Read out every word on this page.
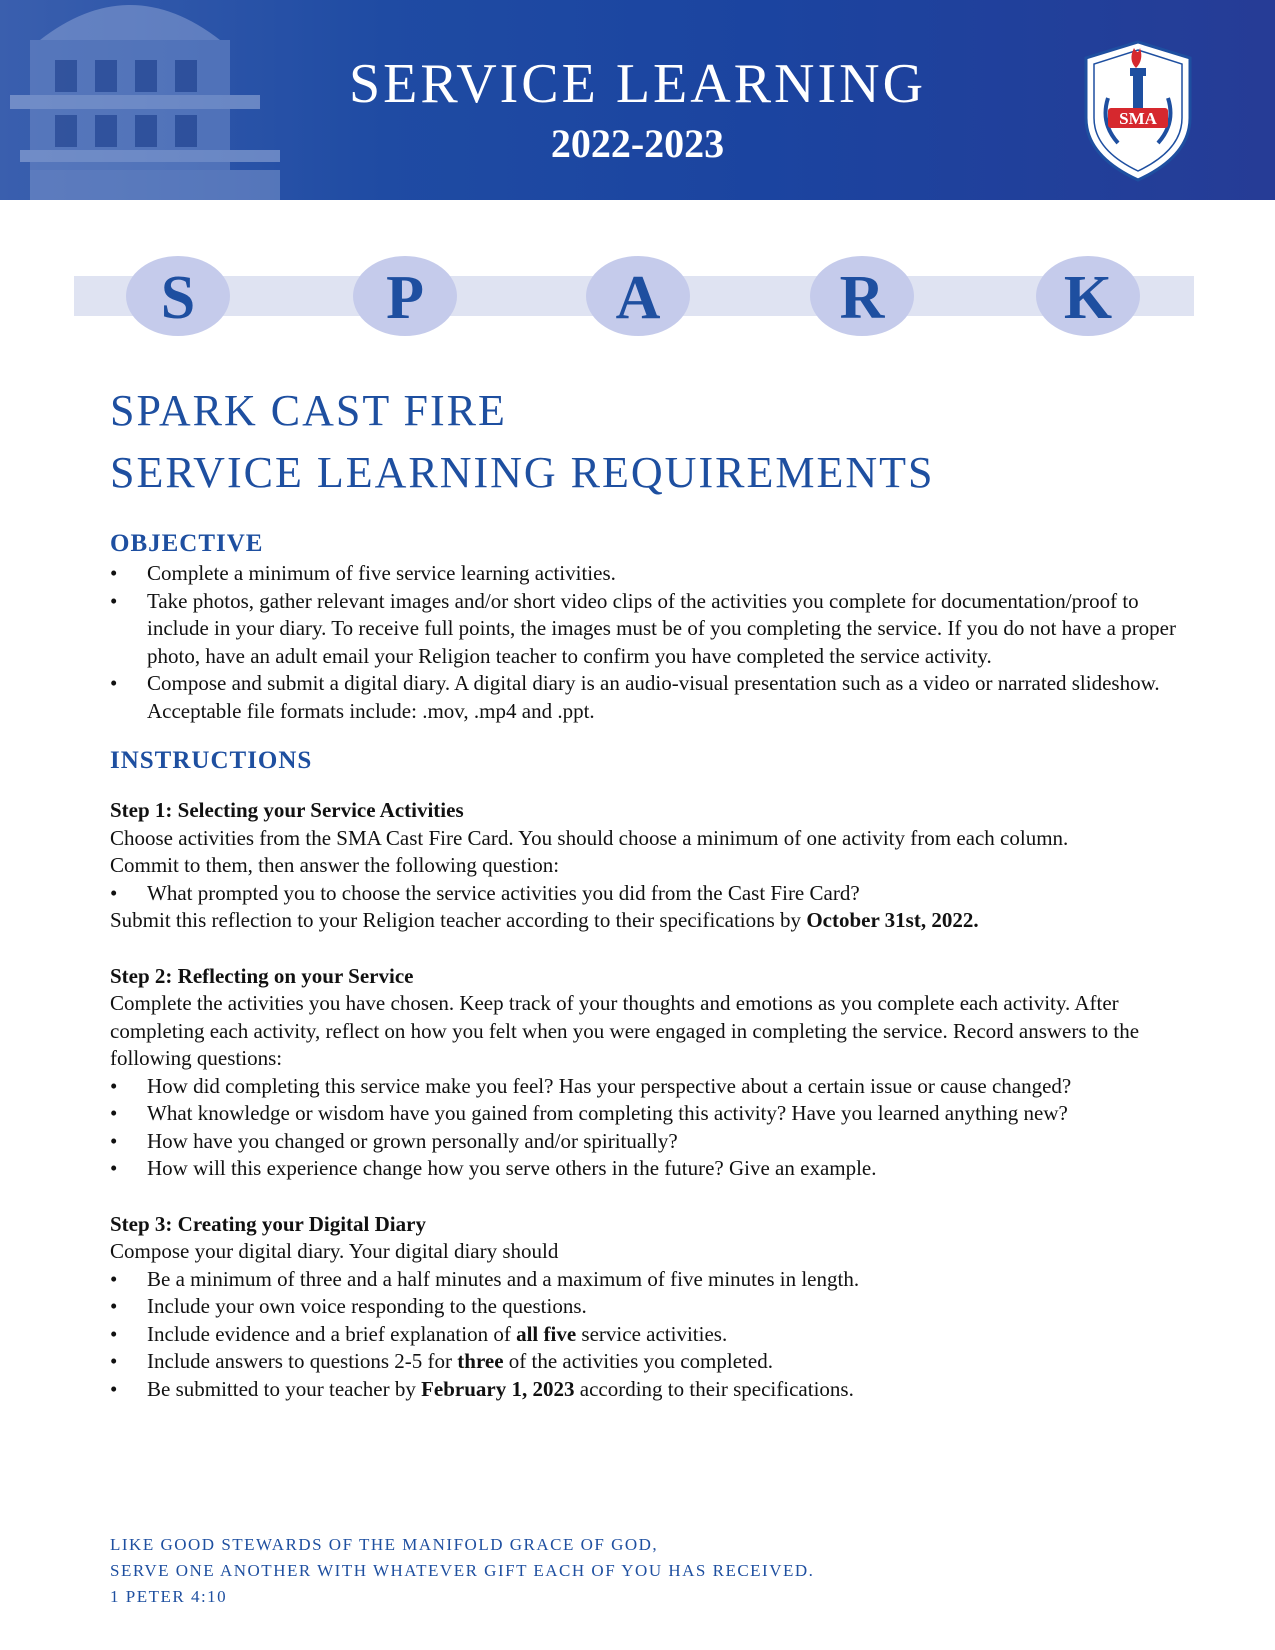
SERVICE LEARNING
2022-2023
SMA
S	P	A	R	K
SPARK CAST FIRE
SERVICE LEARNING REQUIREMENTS
OBJECTIVE
• Complete a minimum of five service learning activities.
• Take photos, gather relevant images and/or short video clips of the activities you complete for documentation/proof to include in your diary. To receive full points, the images must be of you completing the service. If you do not have a proper photo, have an adult email your Religion teacher to confirm you have completed the service activity.
• Compose and submit a digital diary. A digital diary is an audio-visual presentation such as a video or narrated slideshow. Acceptable file formats include: .mov, .mp4 and .ppt.
INSTRUCTIONS

Step 1: Selecting your Service Activities

Choose activities from the SMA Cast Fire Card. You should choose a minimum of one activity from each column.

Commit to them, then answer the following question:

• What prompted you to choose the service activities you did from the Cast Fire Card?

Submit this reflection to your Religion teacher according to their specifications by October 31st, 2022.

Step 2: Reflecting on your Service

Complete the activities you have chosen. Keep track of your thoughts and emotions as you complete each activity. After completing each activity, reflect on how you felt when you were engaged in completing the service. Record answers to the following questions:

• How did completing this service make you feel? Has your perspective about a certain issue or cause changed?
• What knowledge or wisdom have you gained from completing this activity? Have you learned anything new?
• How have you changed or grown personally and/or spiritually?
• How will this experience change how you serve others in the future? Give an example.

Step 3: Creating your Digital Diary

Compose your digital diary. Your digital diary should

• Be a minimum of three and a half minutes and a maximum of five minutes in length.
• Include your own voice responding to the questions.
• Include evidence and a brief explanation of all five service activities.
• Include answers to questions 2-5 for three of the activities you completed.
• Be submitted to your teacher by February 1, 2023 according to their specifications.
LIKE GOOD STEWARDS OF THE MANIFOLD GRACE OF GOD,
SERVE ONE ANOTHER WITH WHATEVER GIFT EACH OF YOU HAS RECEIVED.
1 PETER 4:10
